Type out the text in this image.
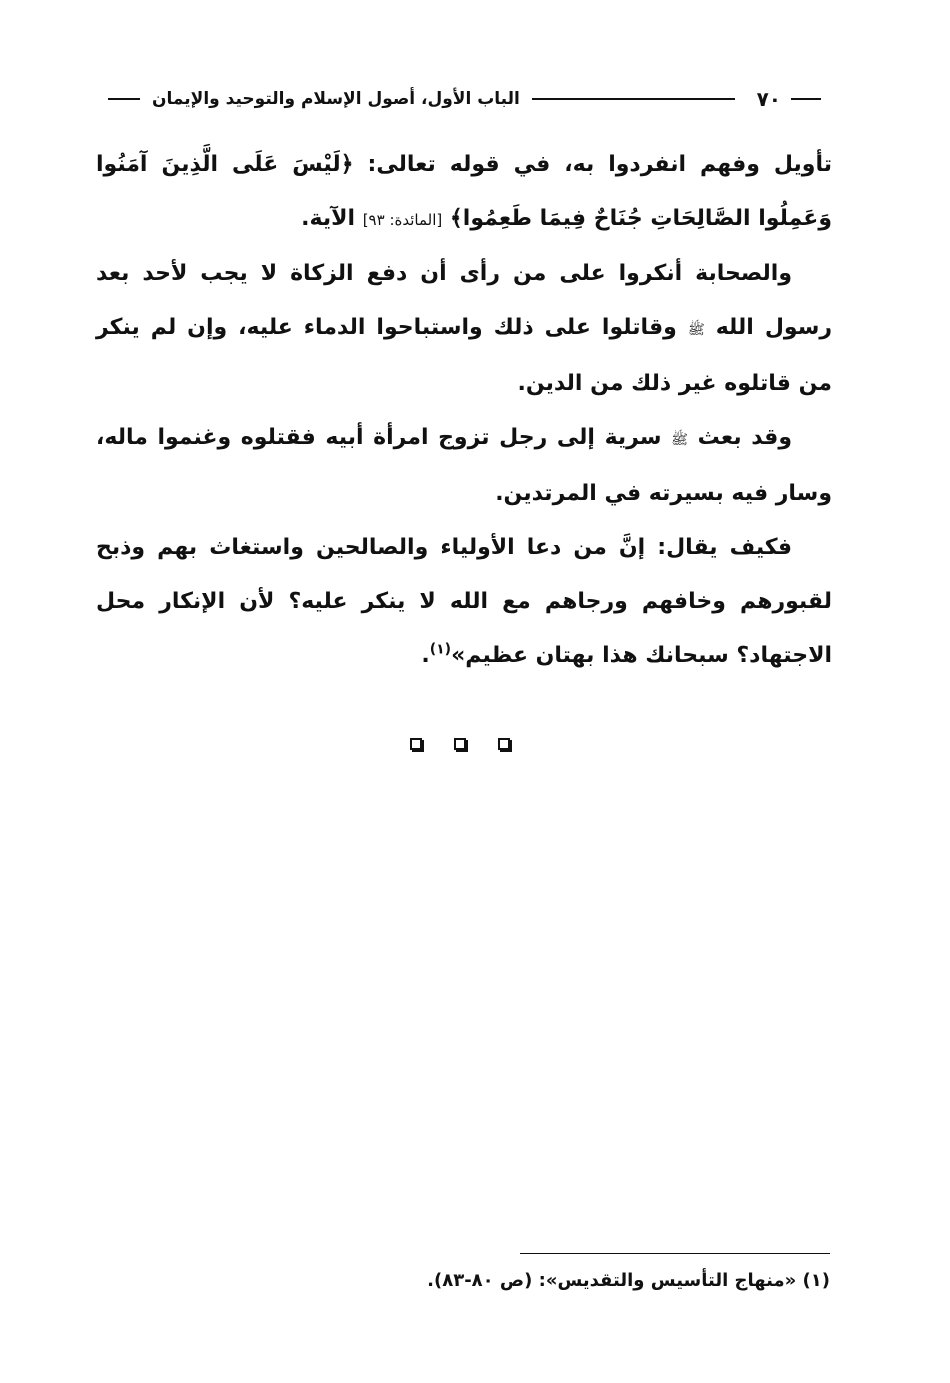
٧٠
الباب الأول، أصول الإسلام والتوحيد والإيمان

تأويل وفهم انفردوا به، في قوله تعالى: ﴿لَيْسَ عَلَى الَّذِينَ آمَنُوا وَعَمِلُوا الصَّالِحَاتِ جُنَاحٌ فِيمَا طَعِمُوا﴾ [المائدة: ٩٣] الآية.

والصحابة أنكروا على من رأى أن دفع الزكاة لا يجب لأحد بعد رسول الله ﷺ وقاتلوا على ذلك واستباحوا الدماء عليه، وإن لم ينكر من قاتلوه غير ذلك من الدين.

وقد بعث ﷺ سرية إلى رجل تزوج امرأة أبيه فقتلوه وغنموا ماله، وسار فيه بسيرته في المرتدين.

فكيف يقال: إنَّ من دعا الأولياء والصالحين واستغاث بهم وذبح لقبورهم وخافهم ورجاهم مع الله لا ينكر عليه؟ لأن الإنكار محل الاجتهاد؟ سبحانك هذا بهتان عظيم»$^{(١)}$.

(١) «منهاج التأسيس والتقديس»: (ص ٨٠-٨٣).
